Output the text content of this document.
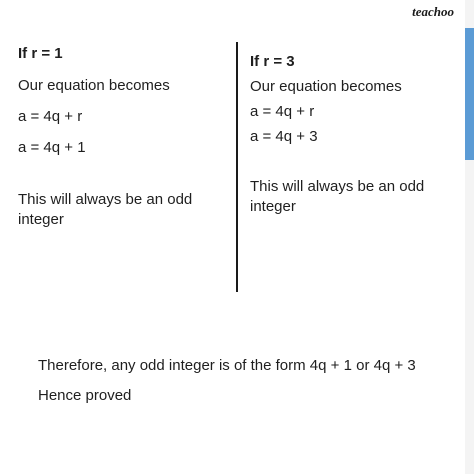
teachoo

If r = 1

Our equation becomes

a = 4q + r

a = 4q + 1

This will always be an odd

integer

If r = 3

Our equation becomes

a = 4q + r

a = 4q + 3

This will always be an odd

integer

Therefore, any odd integer is of the form 4q + 1 or 4q + 3

Hence proved
